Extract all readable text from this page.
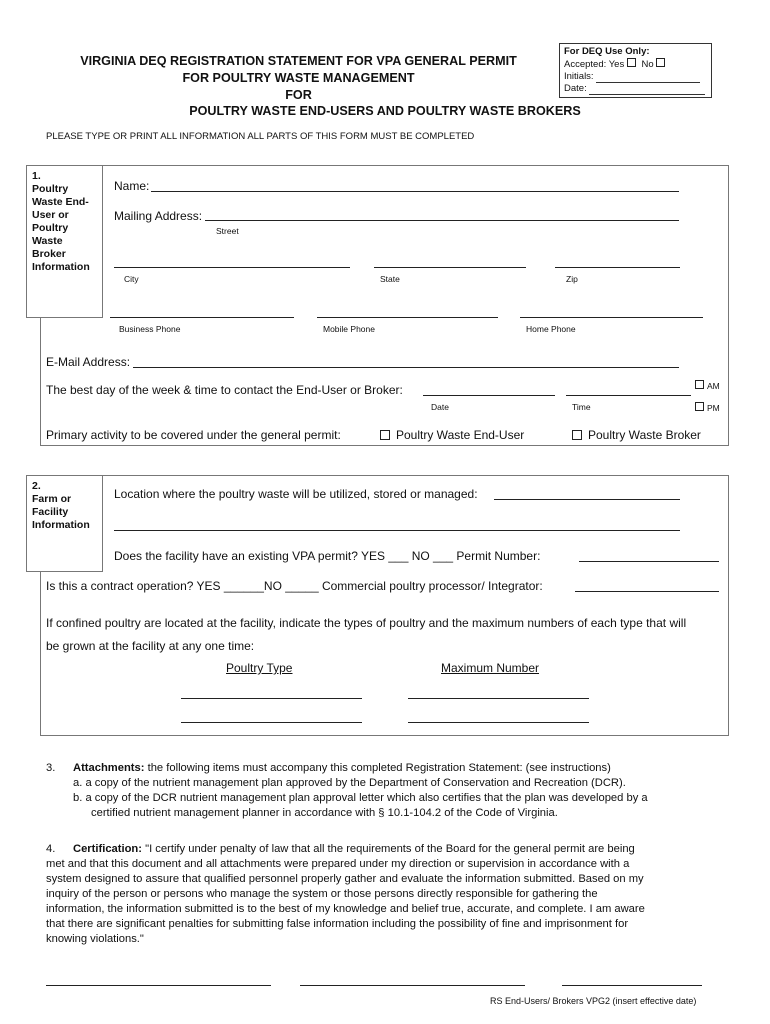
VIRGINIA DEQ REGISTRATION STATEMENT FOR VPA GENERAL PERMIT
FOR POULTRY WASTE MANAGEMENT
FOR
POULTRY WASTE END-USERS AND POULTRY WASTE BROKERS
For DEQ Use Only:
Accepted: Yes No
Initials:
Date:
PLEASE TYPE OR PRINT ALL INFORMATION ALL PARTS OF THIS FORM MUST BE COMPLETED
1.
Poultry
Waste End-
User or
Poultry
Waste
Broker
Information
Name:
Mailing Address:
Street
City	State	Zip
Business Phone	Mobile Phone	Home Phone
E-Mail Address:
The best day of the week & time to contact the End-User or Broker:
Date	Time
AM
PM
Primary activity to be covered under the general permit:	Poultry Waste End-User	Poultry Waste Broker
2.
Farm or
Facility
Information
Location where the poultry waste will be utilized, stored or managed:
Does the facility have an existing VPA permit? YES ___ NO ___ Permit Number:
Is this a contract operation? YES ______NO _____ Commercial poultry processor/ Integrator:
If confined poultry are located at the facility, indicate the types of poultry and the maximum numbers of each type that will
be grown at the facility at any one time:
Poultry Type	Maximum Number
3. Attachments: the following items must accompany this completed Registration Statement: (see instructions)
a. a copy of the nutrient management plan approved by the Department of Conservation and Recreation (DCR).
b. a copy of the DCR nutrient management plan approval letter which also certifies that the plan was developed by a
certified nutrient management planner in accordance with § 10.1-104.2 of the Code of Virginia.
4. Certification: "I certify under penalty of law that all the requirements of the Board for the general permit are being
met and that this document and all attachments were prepared under my direction or supervision in accordance with a
system designed to assure that qualified personnel properly gather and evaluate the information submitted. Based on my
inquiry of the person or persons who manage the system or those persons directly responsible for gathering the
information, the information submitted is to the best of my knowledge and belief true, accurate, and complete. I am aware
that there are significant penalties for submitting false information including the possibility of fine and imprisonment for
knowing violations."
RS End-Users/ Brokers VPG2 (insert effective date)
